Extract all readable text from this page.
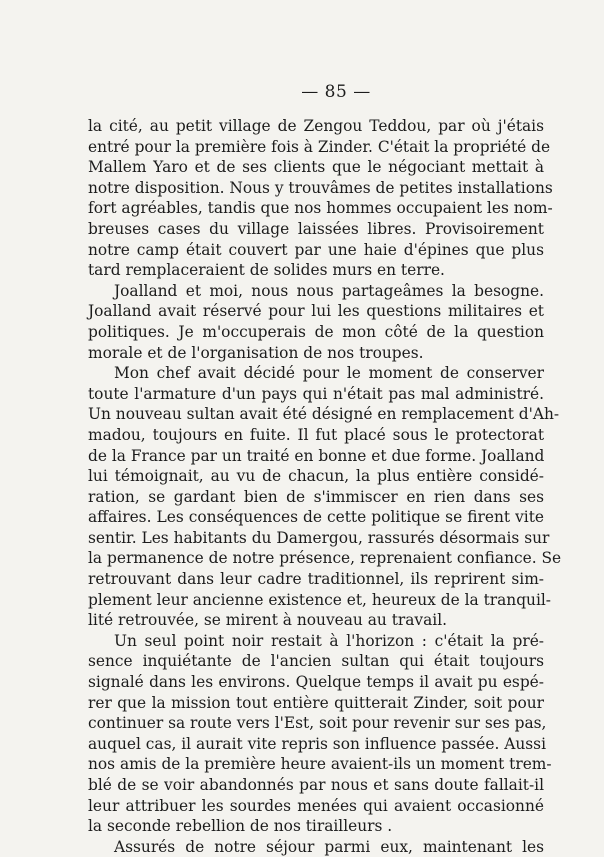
— 85 —

la cité, au petit village de Zengou Teddou, par où j'étais
entré pour la première fois à Zinder. C'était la propriété de
Mallem Yaro et de ses clients que le négociant mettait à
notre disposition. Nous y trouvâmes de petites installations
fort agréables, tandis que nos hommes occupaient les nom-
breuses cases du village laissées libres. Provisoirement
notre camp était couvert par une haie d'épines que plus
tard remplaceraient de solides murs en terre.

Joalland et moi, nous nous partageâmes la besogne.
Joalland avait réservé pour lui les questions militaires et
politiques. Je m'occuperais de mon côté de la question
morale et de l'organisation de nos troupes.

Mon chef avait décidé pour le moment de conserver
toute l'armature d'un pays qui n'était pas mal administré.
Un nouveau sultan avait été désigné en remplacement d'Ah-
madou, toujours en fuite. Il fut placé sous le protectorat
de la France par un traité en bonne et due forme. Joalland
lui témoignait, au vu de chacun, la plus entière considé-
ration, se gardant bien de s'immiscer en rien dans ses
affaires. Les conséquences de cette politique se firent vite
sentir. Les habitants du Damergou, rassurés désormais sur
la permanence de notre présence, reprenaient confiance. Se
retrouvant dans leur cadre traditionnel, ils reprirent sim-
plement leur ancienne existence et, heureux de la tranquil-
lité retrouvée, se mirent à nouveau au travail.

Un seul point noir restait à l'horizon : c'était la pré-
sence inquiétante de l'ancien sultan qui était toujours
signalé dans les environs. Quelque temps il avait pu espé-
rer que la mission tout entière quitterait Zinder, soit pour
continuer sa route vers l'Est, soit pour revenir sur ses pas,
auquel cas, il aurait vite repris son influence passée. Aussi
nos amis de la première heure avaient-ils un moment trem-
blé de se voir abandonnés par nous et sans doute fallait-il
leur attribuer les sourdes menées qui avaient occasionné
la seconde rebellion de nos tirailleurs .

Assurés de notre séjour parmi eux, maintenant les
